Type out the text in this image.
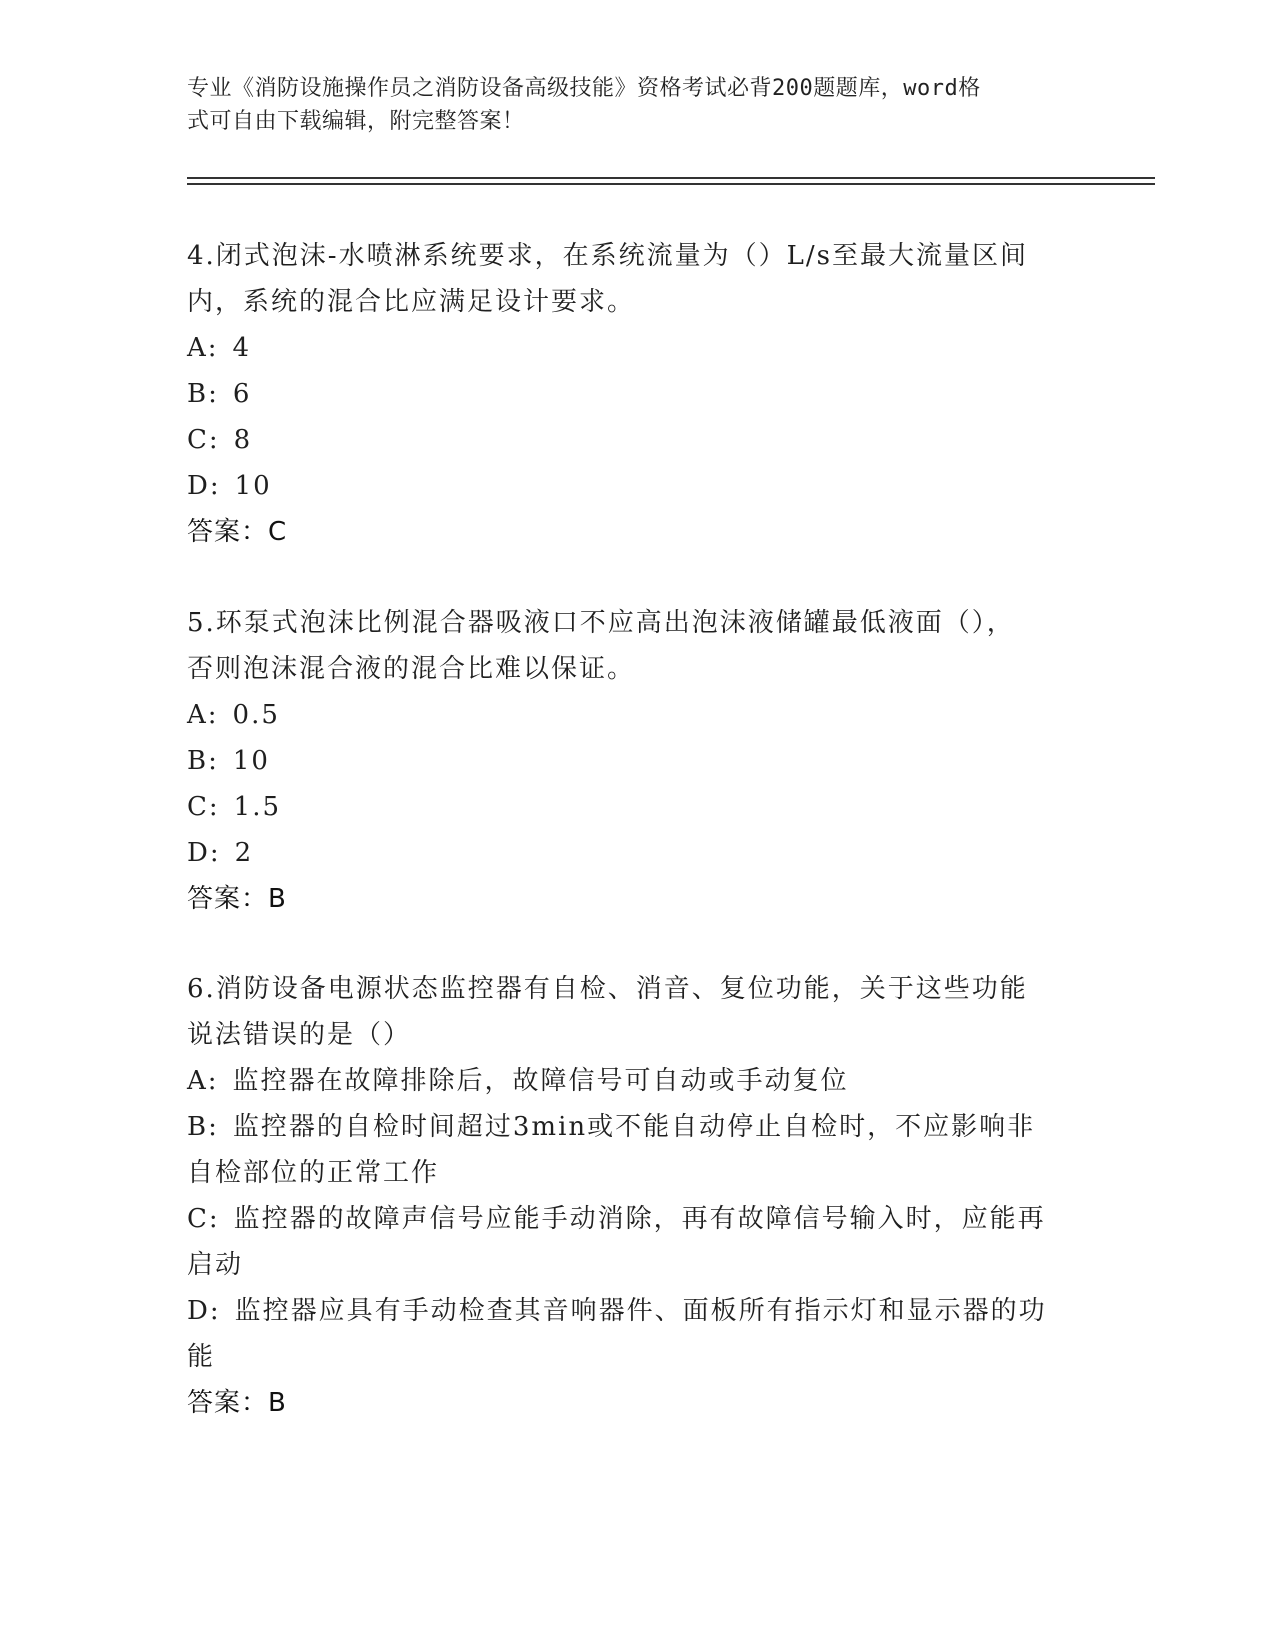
专业《消防设施操作员之消防设备高级技能》资格考试必背200题题库，word格
式可自由下载编辑，附完整答案！

4.闭式泡沫-水喷淋系统要求，在系统流量为（）L/s至最大流量区间

内，系统的混合比应满足设计要求。

A: 4

B: 6

C: 8

D: 10

答案：C

5.环泵式泡沫比例混合器吸液口不应高出泡沫液储罐最低液面（），

否则泡沫混合液的混合比难以保证。

A: 0.5

B: 10

C: 1.5

D: 2

答案：B

6.消防设备电源状态监控器有自检、消音、复位功能，关于这些功能

说法错误的是（）

A: 监控器在故障排除后，故障信号可自动或手动复位

B: 监控器的自检时间超过3min或不能自动停止自检时，不应影响非

自检部位的正常工作

C: 监控器的故障声信号应能手动消除，再有故障信号输入时，应能再

启动

D: 监控器应具有手动检查其音响器件、面板所有指示灯和显示器的功

能

答案：B
